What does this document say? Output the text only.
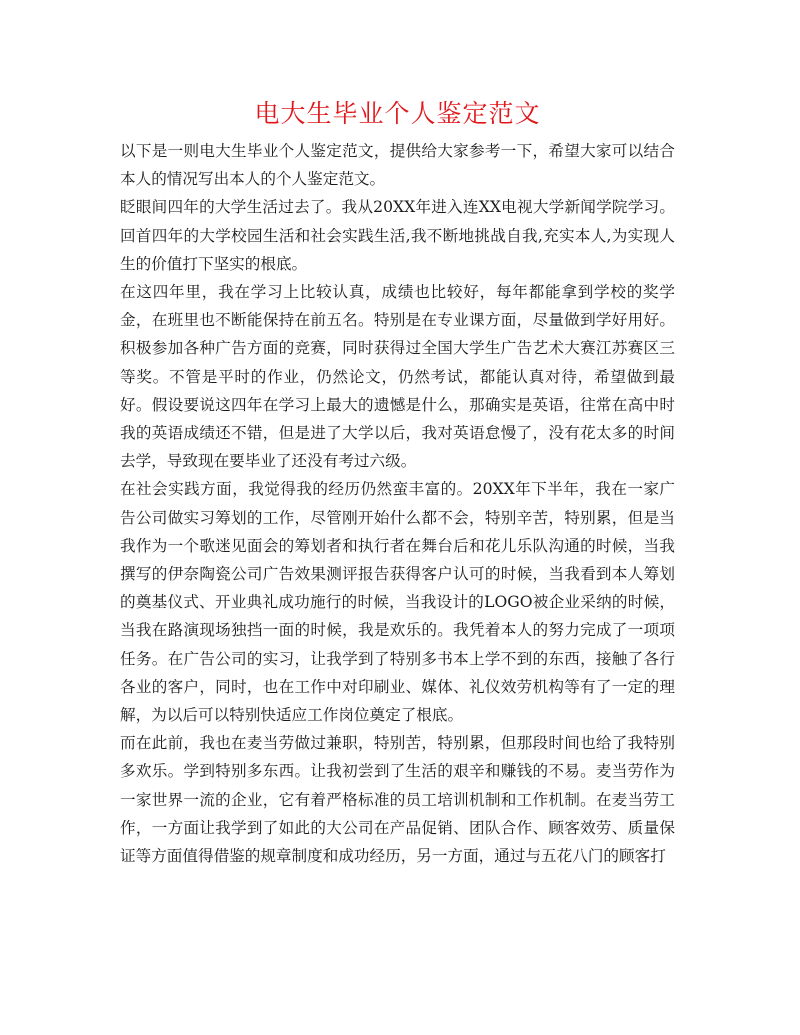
电大生毕业个人鉴定范文

以下是一则电大生毕业个人鉴定范文，提供给大家参考一下，希望大家可以结合本人的情况写出本人的个人鉴定范文。

眨眼间四年的大学生活过去了。我从20XX年进入连XX电视大学新闻学院学习。回首四年的大学校园生活和社会实践生活,我不断地挑战自我,充实本人,为实现人生的价值打下坚实的根底。

在这四年里，我在学习上比较认真，成绩也比较好，每年都能拿到学校的奖学金，在班里也不断能保持在前五名。特别是在专业课方面，尽量做到学好用好。积极参加各种广告方面的竞赛，同时获得过全国大学生广告艺术大赛江苏赛区三等奖。不管是平时的作业，仍然论文，仍然考试，都能认真对待，希望做到最好。假设要说这四年在学习上最大的遗憾是什么，那确实是英语，往常在高中时我的英语成绩还不错，但是进了大学以后，我对英语怠慢了，没有花太多的时间去学，导致现在要毕业了还没有考过六级。

在社会实践方面，我觉得我的经历仍然蛮丰富的。20XX年下半年，我在一家广告公司做实习筹划的工作，尽管刚开始什么都不会，特别辛苦，特别累，但是当我作为一个歌迷见面会的筹划者和执行者在舞台后和花儿乐队沟通的时候，当我撰写的伊奈陶瓷公司广告效果测评报告获得客户认可的时候，当我看到本人筹划的奠基仪式、开业典礼成功施行的时候，当我设计的LOGO被企业采纳的时候，当我在路演现场独挡一面的时候，我是欢乐的。我凭着本人的努力完成了一项项任务。在广告公司的实习，让我学到了特别多书本上学不到的东西，接触了各行各业的客户，同时，也在工作中对印刷业、媒体、礼仪效劳机构等有了一定的理解，为以后可以特别快适应工作岗位奠定了根底。

而在此前，我也在麦当劳做过兼职，特别苦，特别累，但那段时间也给了我特别多欢乐。学到特别多东西。让我初尝到了生活的艰辛和赚钱的不易。麦当劳作为一家世界一流的企业，它有着严格标准的员工培训机制和工作机制。在麦当劳工作，一方面让我学到了如此的大公司在产品促销、团队合作、顾客效劳、质量保证等方面值得借鉴的规章制度和成功经历，另一方面，通过与五花八门的顾客打
